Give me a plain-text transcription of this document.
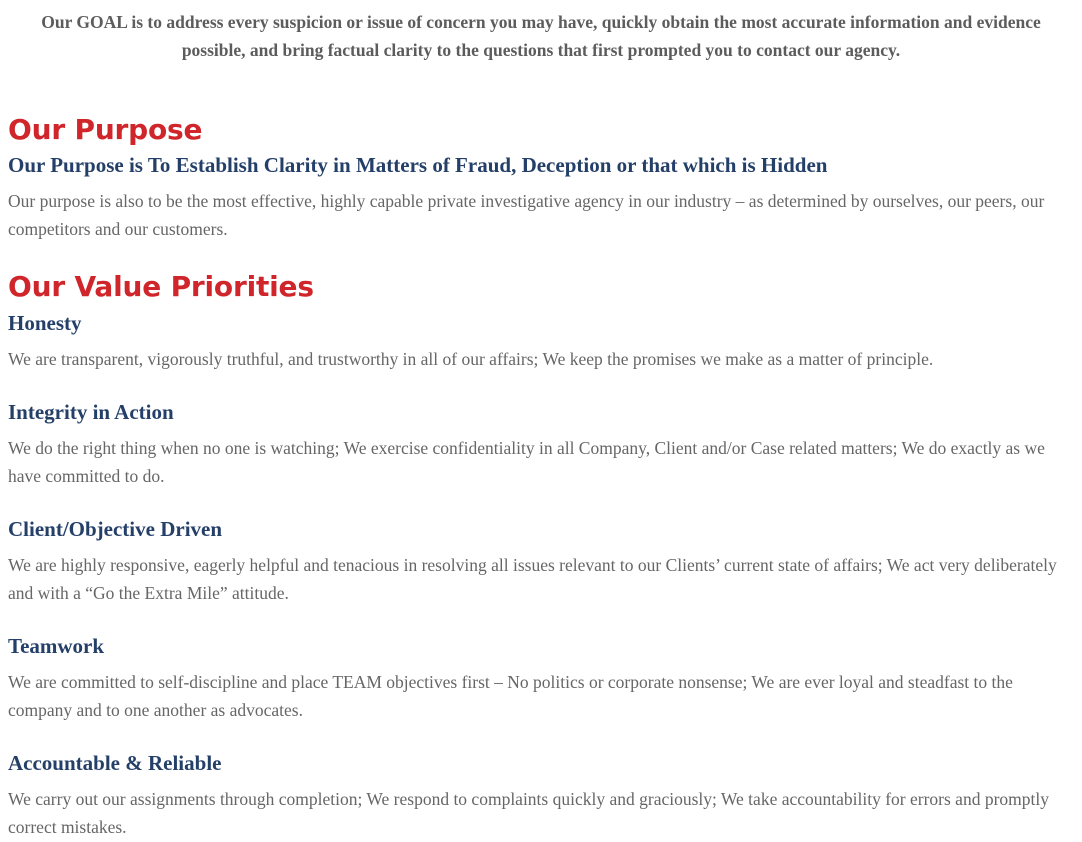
Our GOAL is to address every suspicion or issue of concern you may have, quickly obtain the most accurate information and evidence possible, and bring factual clarity to the questions that first prompted you to contact our agency.

Our Purpose
Our Purpose is To Establish Clarity in Matters of Fraud, Deception or that which is Hidden

Our purpose is also to be the most effective, highly capable private investigative agency in our industry – as determined by ourselves, our peers, our competitors and our customers.

Our Value Priorities
Honesty

We are transparent, vigorously truthful, and trustworthy in all of our affairs; We keep the promises we make as a matter of principle.

Integrity in Action

We do the right thing when no one is watching; We exercise confidentiality in all Company, Client and/or Case related matters; We do exactly as we have committed to do.

Client/Objective Driven

We are highly responsive, eagerly helpful and tenacious in resolving all issues relevant to our Clients’ current state of affairs; We act very deliberately and with a “Go the Extra Mile” attitude.

Teamwork

We are committed to self-discipline and place TEAM objectives first – No politics or corporate nonsense; We are ever loyal and steadfast to the company and to one another as advocates.

Accountable & Reliable

We carry out our assignments through completion; We respond to complaints quickly and graciously; We take accountability for errors and promptly correct mistakes.
